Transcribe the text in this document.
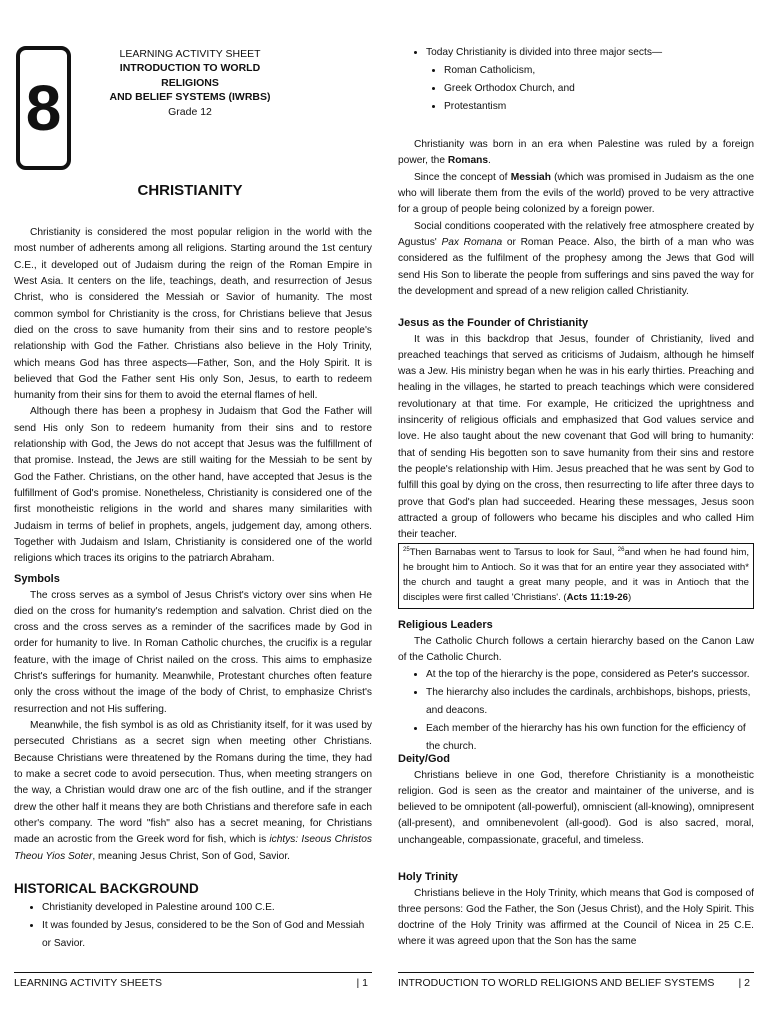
8
LEARNING ACTIVITY SHEET
INTRODUCTION TO WORLD RELIGIONS
AND BELIEF SYSTEMS (IWRBS)
Grade 12
CHRISTIANITY

Christianity is considered the most popular religion in the world with the most number of adherents among all religions. Starting around the 1st century C.E., it developed out of Judaism during the reign of the Roman Empire in West Asia. It centers on the life, teachings, death, and resurrection of Jesus Christ, who is considered the Messiah or Savior of humanity. The most common symbol for Christianity is the cross, for Christians believe that Jesus died on the cross to save humanity from their sins and to restore people's relationship with God the Father. Christians also believe in the Holy Trinity, which means God has three aspects—Father, Son, and the Holy Spirit. It is believed that God the Father sent His only Son, Jesus, to earth to redeem humanity from their sins for them to avoid the eternal flames of hell.

Although there has been a prophesy in Judaism that God the Father will send His only Son to redeem humanity from their sins and to restore relationship with God, the Jews do not accept that Jesus was the fulfillment of that promise. Instead, the Jews are still waiting for the Messiah to be sent by God the Father. Christians, on the other hand, have accepted that Jesus is the fulfillment of God's promise. Nonetheless, Christianity is considered one of the first monotheistic religions in the world and shares many similarities with Judaism in terms of belief in prophets, angels, judgement day, among others. Together with Judaism and Islam, Christianity is considered one of the world religions which traces its origins to the patriarch Abraham.

Symbols

The cross serves as a symbol of Jesus Christ's victory over sins when He died on the cross for humanity's redemption and salvation. Christ died on the cross and the cross serves as a reminder of the sacrifices made by God in order for humanity to live. In Roman Catholic churches, the crucifix is a regular feature, with the image of Christ nailed on the cross. This aims to emphasize Christ's sufferings for humanity. Meanwhile, Protestant churches often feature only the cross without the image of the body of Christ, to emphasize Christ's resurrection and not His suffering.

Meanwhile, the fish symbol is as old as Christianity itself, for it was used by persecuted Christians as a secret sign when meeting other Christians. Because Christians were threatened by the Romans during the time, they had to make a secret code to avoid persecution. Thus, when meeting strangers on the way, a Christian would draw one arc of the fish outline, and if the stranger drew the other half it means they are both Christians and therefore safe in each other's company. The word "fish" also has a secret meaning, for Christians made an acrostic from the Greek word for fish, which is ichtys: Iseous Christos Theou Yios Soter, meaning Jesus Christ, Son of God, Savior.

HISTORICAL BACKGROUND
• Christianity developed in Palestine around 100 C.E.
• It was founded by Jesus, considered to be the Son of God and Messiah or Savior.
• Today Christianity is divided into three major sects—
• Roman Catholicism,
• Greek Orthodox Church, and
• Protestantism

Christianity was born in an era when Palestine was ruled by a foreign power, the Romans.

Since the concept of Messiah (which was promised in Judaism as the one who will liberate them from the evils of the world) proved to be very attractive for a group of people being colonized by a foreign power.

Social conditions cooperated with the relatively free atmosphere created by Agustus' Pax Romana or Roman Peace. Also, the birth of a man who was considered as the fulfilment of the prophesy among the Jews that God will send His Son to liberate the people from sufferings and sins paved the way for the development and spread of a new religion called Christianity.

Jesus as the Founder of Christianity

It was in this backdrop that Jesus, founder of Christianity, lived and preached teachings that served as criticisms of Judaism, although he himself was a Jew. His ministry began when he was in his early thirties. Preaching and healing in the villages, he started to preach teachings which were considered revolutionary at that time. For example, He criticized the uprightness and insincerity of religious officials and emphasized that God values service and love. He also taught about the new covenant that God will bring to humanity: that of sending His begotten son to save humanity from their sins and restore the people's relationship with Him. Jesus preached that he was sent by God to fulfill this goal by dying on the cross, then resurrecting to life after three days to prove that God's plan had succeeded. Hearing these messages, Jesus soon attracted a group of followers who became his disciples and who called Him their teacher.

$^{25}$Then Barnabas went to Tarsus to look for Saul, $^{26}$and when he had found him, he brought him to Antioch. So it was that for an entire year they associated with* the church and taught a great many people, and it was in Antioch that the disciples were first called 'Christians'. (Acts 11:19-26)
Religious Leaders

The Catholic Church follows a certain hierarchy based on the Canon Law of the Catholic Church.

• At the top of the hierarchy is the pope, considered as Peter's successor.
• The hierarchy also includes the cardinals, archbishops, bishops, priests, and deacons.
• Each member of the hierarchy has his own function for the efficiency of the church.
Deity/God

Christians believe in one God, therefore Christianity is a monotheistic religion. God is seen as the creator and maintainer of the universe, and is believed to be omnipotent (all-powerful), omniscient (all-knowing), omnipresent (all-present), and omnibenevolent (all-good). God is also sacred, moral, unchangeable, compassionate, graceful, and timeless.

Holy Trinity

Christians believe in the Holy Trinity, which means that God is composed of three persons: God the Father, the Son (Jesus Christ), and the Holy Spirit. This doctrine of the Holy Trinity was affirmed at the Council of Nicea in 25 C.E. where it was agreed upon that the Son has the same

LEARNING ACTIVITY SHEETS	| 1	INTRODUCTION TO WORLD RELIGIONS AND BELIEF SYSTEMS | 2
